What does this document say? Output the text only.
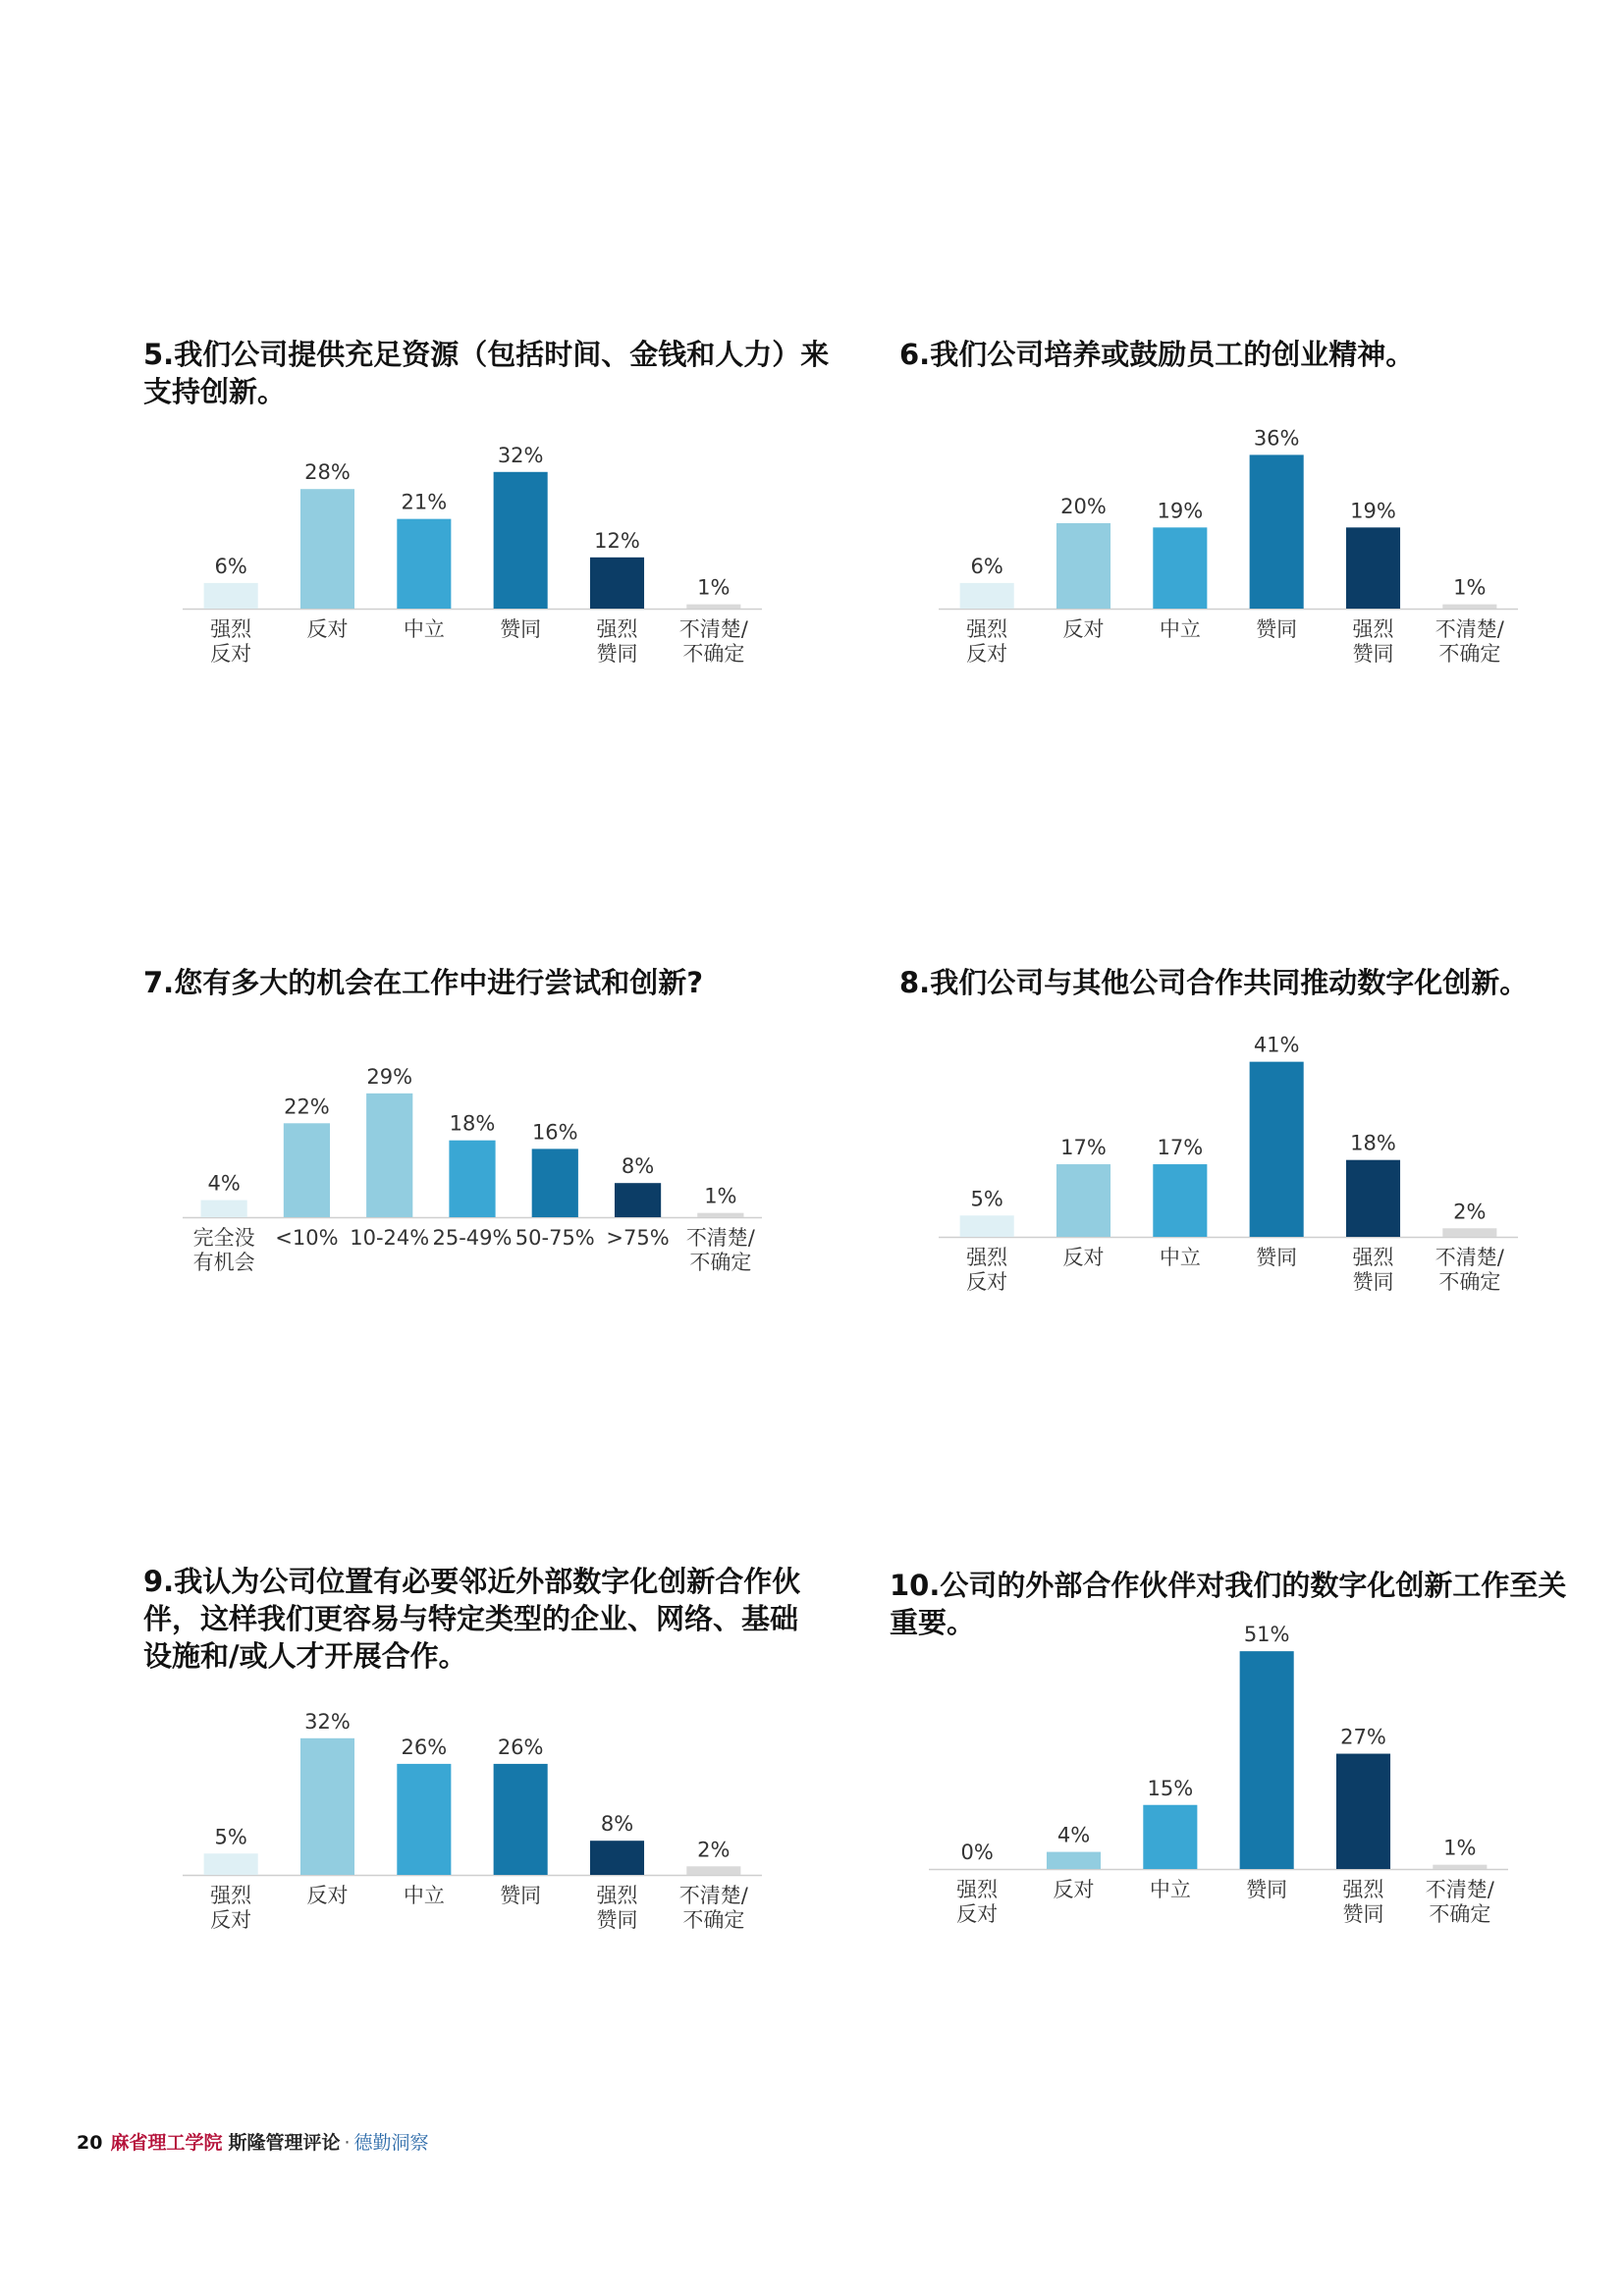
5.我们公司提供充足资源（包括时间、金钱和人力）来支持创新。
6%
强烈反对
28%
反对
21%
中立
32%
赞同
12%
强烈赞同
1%
不清楚/不确定
6.我们公司培养或鼓励员工的创业精神。
6%
强烈反对
20%
反对
19%
中立
36%
赞同
19%
强烈赞同
1%
不清楚/不确定
7.您有多大的机会在工作中进行尝试和创新?
4%
完全没有机会
22%
<10%
29%
10-24%
18%
25-49%
16%
50-75%
8%
>75%
1%
不清楚/不确定
8.我们公司与其他公司合作共同推动数字化创新。
5%
强烈反对
17%
反对
17%
中立
41%
赞同
18%
强烈赞同
2%
不清楚/不确定
9.我认为公司位置有必要邻近外部数字化创新合作伙伴，这样我们更容易与特定类型的企业、网络、基础设施和/或人才开展合作。
5%
强烈反对
32%
反对
26%
中立
26%
赞同
8%
强烈赞同
2%
不清楚/不确定
10.公司的外部合作伙伴对我们的数字化创新工作至关重要。
0%
强烈反对
4%
反对
15%
中立
51%
赞同
27%
强烈赞同
1%
不清楚/不确定
20 麻省理工学院 斯隆管理评论 · 德勤洞察
